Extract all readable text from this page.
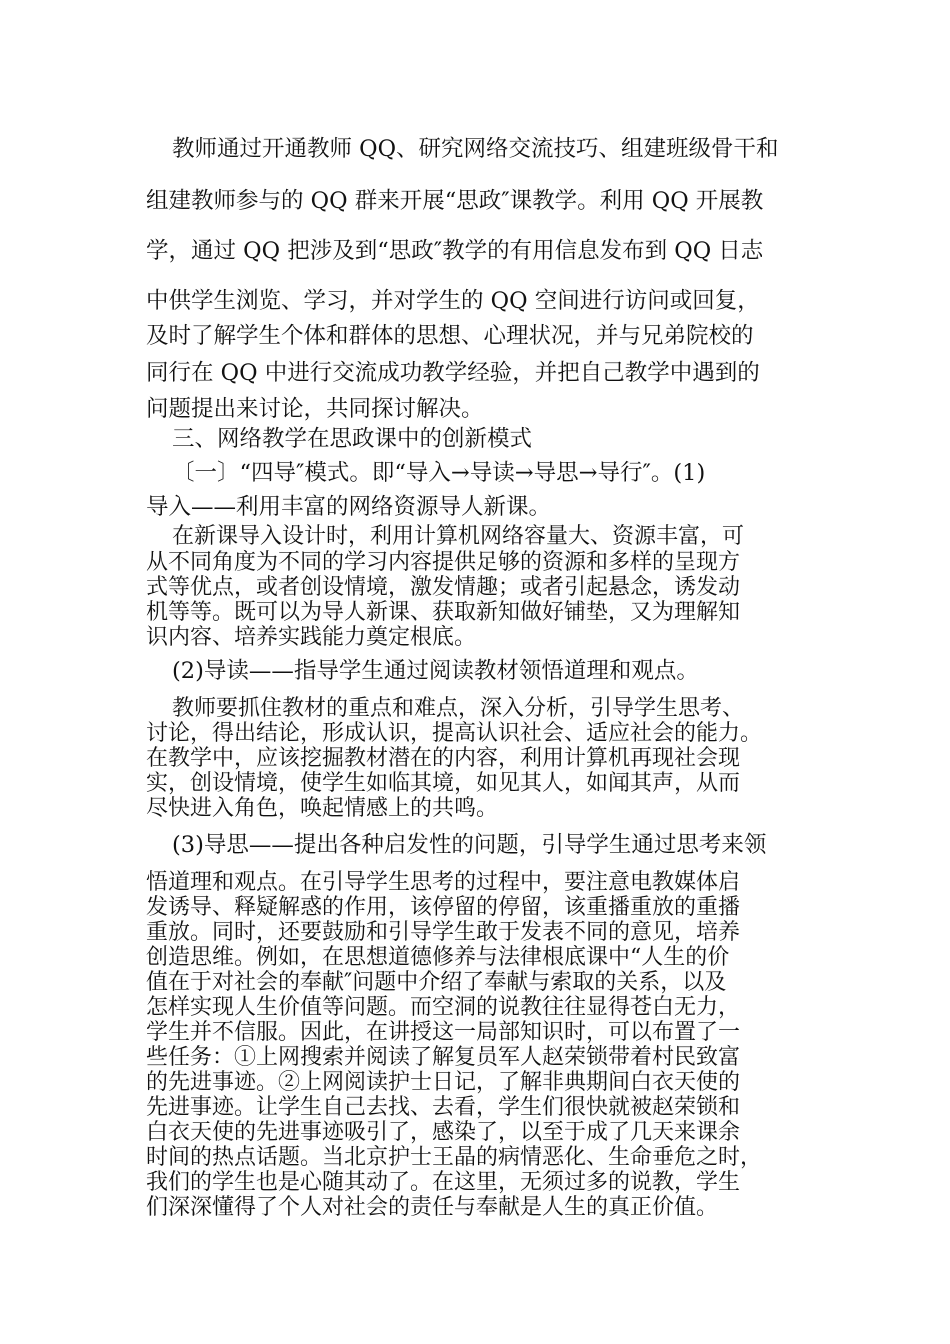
教师通过开通教师 QQ、研究网络交流技巧、组建班级骨干和
组建教师参与的 QQ 群来开展“思政″课教学。利用 QQ 开展教
学，通过 QQ 把涉及到“思政″教学的有用信息发布到 QQ 日志
中供学生浏览、学习，并对学生的 QQ 空间进行访问或回复，
及时了解学生个体和群体的思想、心理状况，并与兄弟院校的
同行在 QQ 中进行交流成功教学经验，并把自己教学中遇到的
问题提出来讨论，共同探讨解决。
三、网络教学在思政课中的创新模式
〔一〕“四导″模式。即“导入→导读→导思→导行″。(1)
导入——利用丰富的网络资源导人新课。
在新课导入设计时，利用计算机网络容量大、资源丰富，可
从不同角度为不同的学习内容提供足够的资源和多样的呈现方
式等优点，或者创设情境，激发情趣；或者引起悬念，诱发动
机等等。既可以为导人新课、获取新知做好铺垫，又为理解知
识内容、培养实践能力奠定根底。
(2)导读——指导学生通过阅读教材领悟道理和观点。
教师要抓住教材的重点和难点，深入分析，引导学生思考、
讨论，得出结论，形成认识，提高认识社会、适应社会的能力。
在教学中，应该挖掘教材潜在的内容，利用计算机再现社会现
实，创设情境，使学生如临其境，如见其人，如闻其声，从而
尽快进入角色，唤起情感上的共鸣。
(3)导思——提出各种启发性的问题，引导学生通过思考来领
悟道理和观点。在引导学生思考的过程中，要注意电教媒体启
发诱导、释疑解惑的作用，该停留的停留，该重播重放的重播
重放。同时，还要鼓励和引导学生敢于发表不同的意见，培养
创造思维。例如，在思想道德修养与法律根底课中“人生的价
值在于对社会的奉献″问题中介绍了奉献与索取的关系，以及
怎样实现人生价值等问题。而空洞的说教往往显得苍白无力，
学生并不信服。因此，在讲授这一局部知识时，可以布置了一
些任务：①上网搜索并阅读了解复员军人赵荣锁带着村民致富
的先进事迹。②上网阅读护士日记，了解非典期间白衣天使的
先进事迹。让学生自己去找、去看，学生们很快就被赵荣锁和
白衣天使的先进事迹吸引了，感染了，以至于成了几天来课余
时间的热点话题。当北京护士王晶的病情恶化、生命垂危之时，
我们的学生也是心随其动了。在这里，无须过多的说教，学生
们深深懂得了个人对社会的责任与奉献是人生的真正价值。
